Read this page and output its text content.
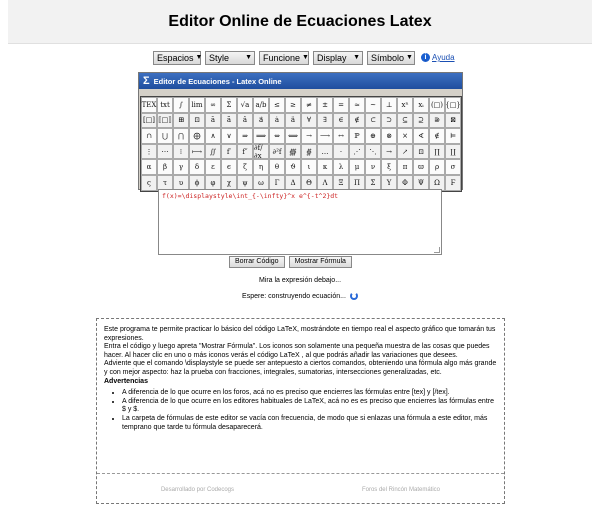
Editor Online de Ecuaciones Latex
Espacios ▼ Style ▼ Funcione ▼ Display ▼ Símbolo ▼	i Ayuda
Σ Editor de Ecuaciones - Latex Online
TEX txt	∫	lim	∞	Σ	√a a/b	≤	≥	≠	±	=	≈	~	⊥	xⁿ	xᵢ	(□) {□}
[□] ⟦□⟧ ⊞	⊡	ā	ã	â	a⃗	ȧ	ä	∀	∃	∈	∉	⊂	⊃	⊆	⊇	⋑	⊠
∩	⋃	⋂	⨁	∧	∨	⇒	⟹	⇔	⟺	→	⟶	↔	ℙ	⊕	⊗	×	∢	∉	⊨
⋮	⋯	⁞	⟼	∬	f′	f″ ∂f/∂x	∂²f	∰	∯	…	·	⋰	⋱	→	↗	⊡	∏	∐
α	β	γ	δ	ε	ϵ	ζ	η	θ	ϑ	ι	κ	λ	μ	ν	ξ	π	ϖ	ρ	σ
ς	τ	υ	ϕ	φ	χ	ψ	ω	Γ	Δ	Θ	Λ	Ξ	Π	Σ	Υ	Φ	Ψ	Ω	Ϝ
f(x)=\displaystyle\int_{-\infty}^x e^{-t^2}dt
Borrar Código	Mostrar Fórmula
Mira la expresión debajo...
Espere: construyendo ecuación...

Este programa te permite practicar lo básico del código LaTeX, mostrándote en tiempo real el aspecto gráfico que tomarán tus expresiones.

Entra el código y luego apreta "Mostrar Fórmula". Los iconos son solamente una pequeña muestra de las cosas que puedes hacer. Al hacer clic en uno o más iconos verás el código LaTeX , al que podrás añadir las variaciones que desees.

Adviente que el comando \displaystyle se puede ser antepuesto a ciertos comandos, obteniendo una fórmula algo más grande y con mejor aspecto: haz la prueba con fracciones, integrales, sumatorias, intersecciones generalizadas, etc.

Advertencias

• A diferencia de lo que ocurre en los foros, acá no es preciso que encierres las fórmulas entre [tex] y [/tex].
• A diferencia de lo que ocurre en los editores habituales de LaTeX, acá no es es preciso que encierres las fórmulas entre $ y $.
• La carpeta de fórmulas de este editor se vacía con frecuencia, de modo que si enlazas una fórmula a este editor, más temprano que tarde tu fórmula desaparecerá.
Desarrollado por Codecogs	Foros del Rincón Matemático
